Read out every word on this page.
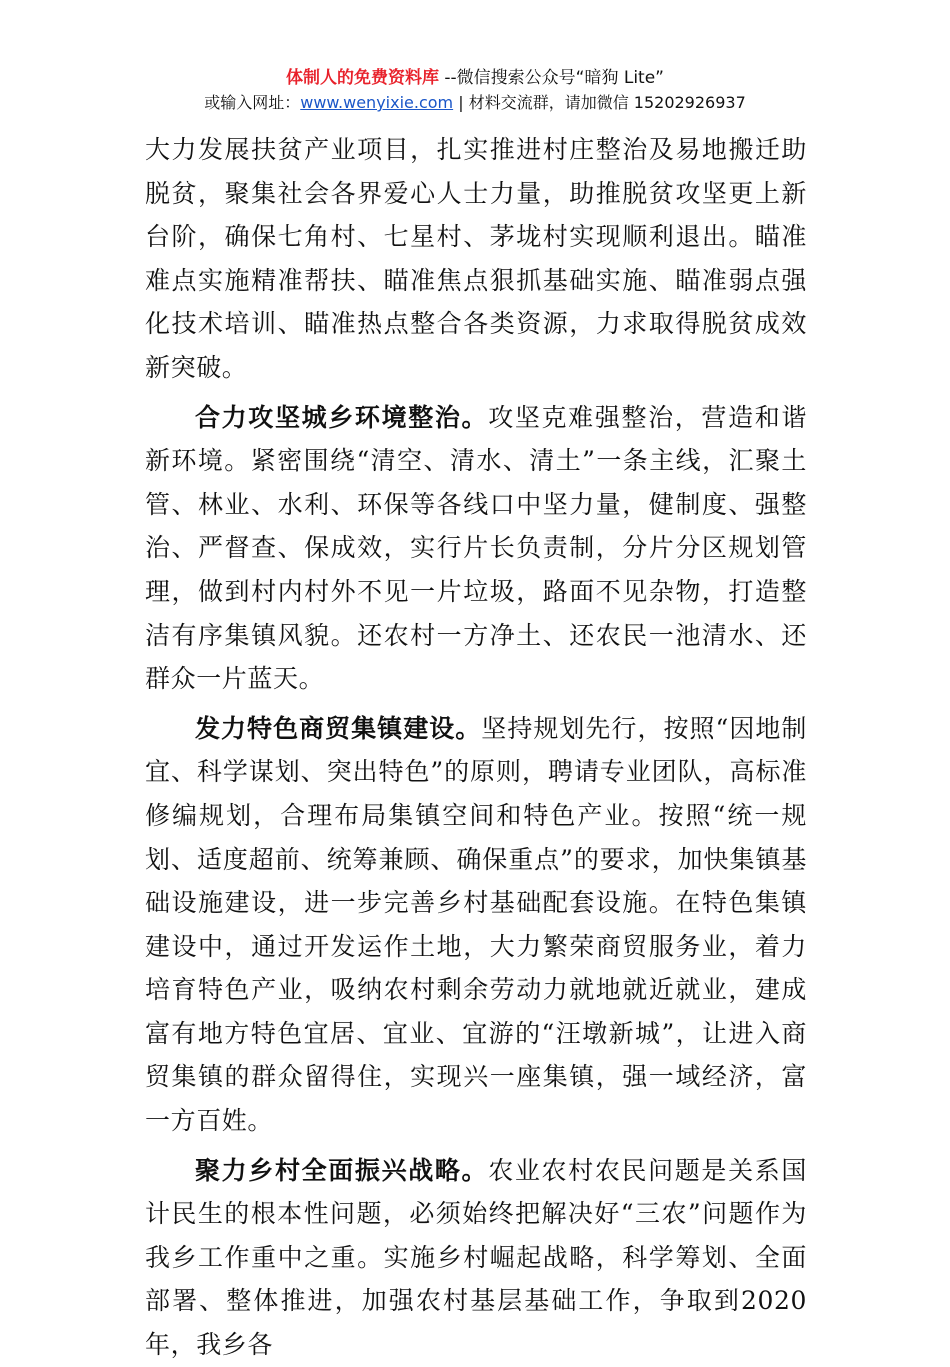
体制人的免费资料库 --微信搜索公众号“暗狗 Lite”
或输入网址：www.wenyixie.com | 材料交流群，请加微信 15202926937

大力发展扶贫产业项目，扎实推进村庄整治及易地搬迁助脱贫，聚集社会各界爱心人士力量，助推脱贫攻坚更上新台阶，确保七角村、七星村、茅垅村实现顺利退出。瞄准难点实施精准帮扶、瞄准焦点狠抓基础实施、瞄准弱点强化技术培训、瞄准热点整合各类资源，力求取得脱贫成效新突破。

合力攻坚城乡环境整治。攻坚克难强整治，营造和谐新环境。紧密围绕“清空、清水、清土”一条主线，汇聚土管、林业、水利、环保等各线口中坚力量，健制度、强整治、严督查、保成效，实行片长负责制，分片分区规划管理，做到村内村外不见一片垃圾，路面不见杂物，打造整洁有序集镇风貌。还农村一方净土、还农民一池清水、还群众一片蓝天。

发力特色商贸集镇建设。坚持规划先行，按照“因地制宜、科学谋划、突出特色”的原则，聘请专业团队，高标准修编规划，合理布局集镇空间和特色产业。按照“统一规划、适度超前、统筹兼顾、确保重点”的要求，加快集镇基础设施建设，进一步完善乡村基础配套设施。在特色集镇建设中，通过开发运作土地，大力繁荣商贸服务业，着力培育特色产业，吸纳农村剩余劳动力就地就近就业，建成富有地方特色宜居、宜业、宜游的“汪墩新城”，让进入商贸集镇的群众留得住，实现兴一座集镇，强一域经济，富一方百姓。

聚力乡村全面振兴战略。农业农村农民问题是关系国计民生的根本性问题，必须始终把解决好“三农”问题作为我乡工作重中之重。实施乡村崛起战略，科学筹划、全面部署、整体推进，加强农村基层基础工作，争取到2020年，我乡各
